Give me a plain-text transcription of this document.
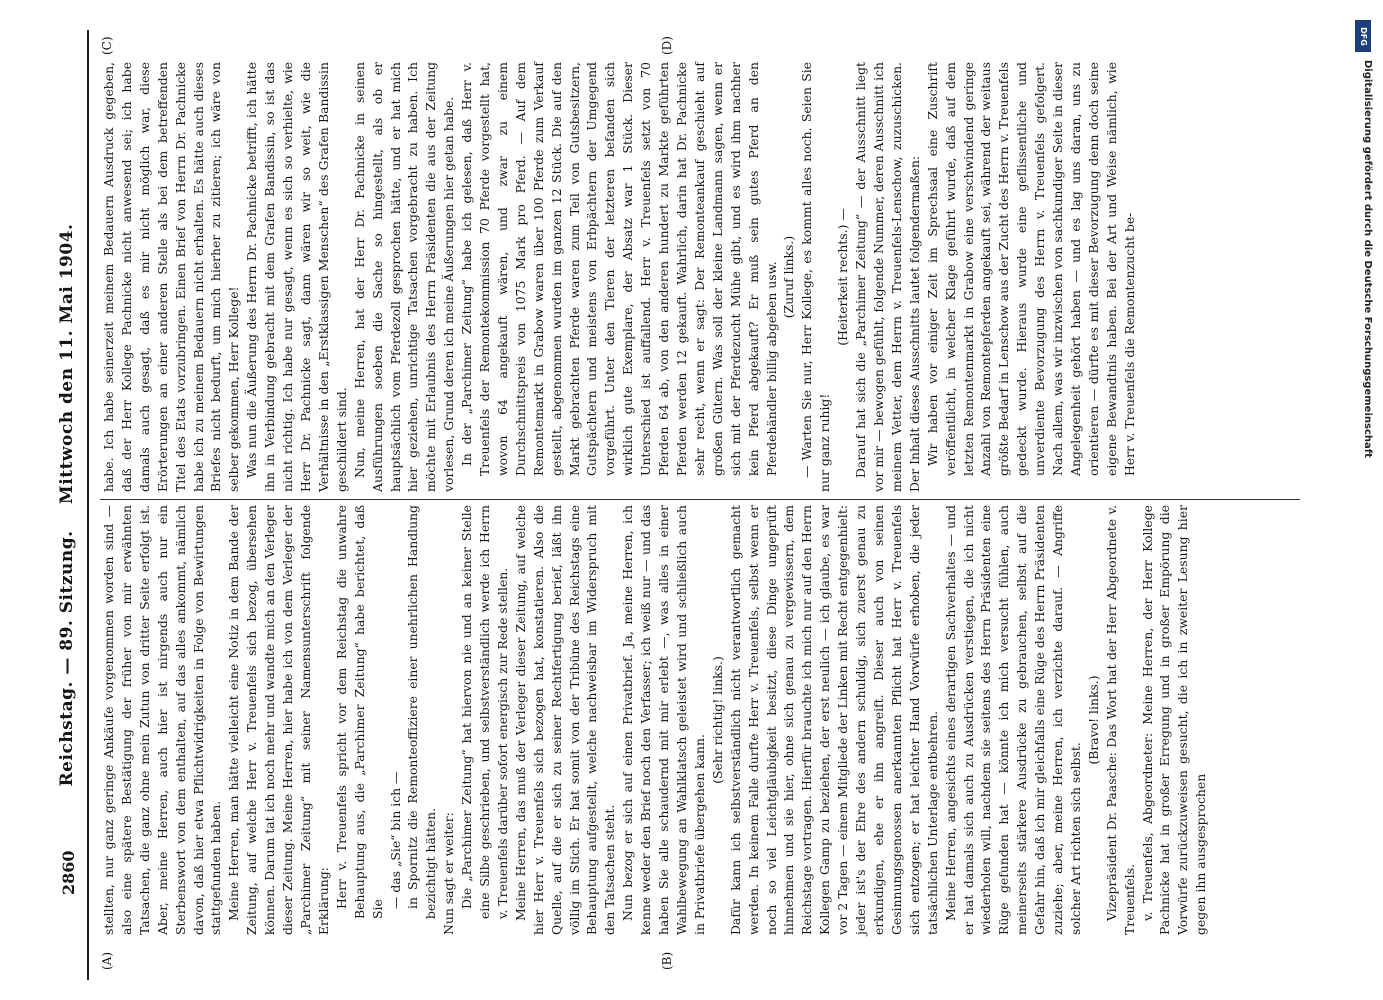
2860
Reichstag. — 89. Sitzung. Mittwoch den 11. Mai 1904.
(A)	(B)
(C)	(D)

stellten, nur ganz geringe Ankäufe vorgenommen worden sind — also eine spätere Bestätigung der früher von mir erwähnten Tatsachen, die ganz ohne mein Zutun von dritter Seite erfolgt ist. Aber, meine Herren, auch hier ist nirgends auch nur ein Sterbenswort von dem enthalten, auf das alles ankommt, nämlich davon, daß hier etwa Pflichtwidrigkeiten in Folge von Bewirtungen stattgefunden haben. Meine Herren, man hätte vielleicht eine Notiz in dem Bande der Zeitung, auf welche Herr v. Treuenfels sich bezog, übersehen können. Darum tat ich noch mehr und wandte mich an den Verleger dieser Zeitung. Meine Herren, hier habe ich von dem Verleger der „Parchimer Zeitung“ mit seiner Namensunterschrift folgende Erklärung: Herr v. Treuenfels spricht vor dem Reichstag die unwahre Behauptung aus, die „Parchimer Zeitung“ habe berichtet, daß Sie

— das „Sie“ bin ich — in Spornitz die Remonteoffiziere einer unehrlichen Handlung bezichtigt hätten. Nun sagt er weiter: Die „Parchimer Zeitung“ hat hiervon nie und an keiner Stelle eine Silbe geschrieben, und selbstverständlich werde ich Herrn v. Treuenfels darüber sofort energisch zur Rede stellen. Meine Herren, das muß der Verleger dieser Zeitung, auf welche hier Herr v. Treuenfels sich bezogen hat, konstatieren. Also die Quelle, auf die er sich zu seiner Rechtfertigung berief, läßt ihn völlig im Stich. Er hat somit von der Tribüne des Reichstags eine Behauptung aufgestellt, welche nachweisbar im Widerspruch mit den Tatsachen steht. Nun bezog er sich auf einen Privatbrief. Ja, meine Herren, ich kenne weder den Brief noch den Verfasser; ich weiß nur — und das haben Sie alle schaudernd mit mir erlebt —, was alles in einer Wahlbewegung an Wahlklatsch geleistet wird und schließlich auch in Privatbriefe übergehen kann.

(Sehr richtig! links.) Dafür kann ich selbstverständlich nicht verantwortlich gemacht werden. In keinem Falle durfte Herr v. Treuenfels, selbst wenn er noch so viel Leichtgläubigkeit besitzt, diese Dinge ungeprüft hinnehmen und sie hier, ohne sich genau zu vergewissern, dem Reichstage vortragen. Hierfür brauchte ich mich nur auf den Herrn Kollegen Gamp zu beziehen, der erst neulich — ich glaube, es war vor 2 Tagen — einem Mitgliede der Linken mit Recht entgegenhielt: jeder ist's der Ehre des andern schuldig, sich zuerst genau zu erkundigen, ehe er ihn angreift. Dieser auch von seinen Gesinnungsgenossen anerkannten Pflicht hat Herr v. Treuenfels sich entzogen; er hat leichter Hand Vorwürfe erhoben, die jeder tatsächlichen Unterlage entbehren. Meine Herren, angesichts eines derartigen Sachverhaltes — und er hat damals sich auch zu Ausdrücken verstiegen, die ich nicht wiederholen will, nachdem sie seitens des Herrn Präsidenten eine Rüge gefunden hat — könnte ich mich versucht fühlen, auch meinerseits stärkere Ausdrücke zu gebrauchen, selbst auf die Gefahr hin, daß ich mir gleichfalls eine Rüge des Herrn Präsidenten zuziehe; aber, meine Herren, ich verzichte darauf. — Angriffe solcher Art richten sich selbst.

(Bravo! links.) Vizepräsident Dr. Paasche: Das Wort hat der Herr Abgeordnete v. Treuenfels. v. Treuenfels, Abgeordneter: Meine Herren, der Herr Kollege Pachnicke hat in großer Erregung und in großer Empörung die Vorwürfe zurückzuweisen gesucht, die ich in zweiter Lesung hier gegen ihn ausgesprochen

habe. Ich habe seinerzeit meinem Bedauern Ausdruck gegeben, daß der Herr Kollege Pachnicke nicht anwesend sei; ich habe damals auch gesagt, daß es mir nicht möglich war, diese Erörterungen an einer anderen Stelle als bei dem betreffenden Titel des Etats vorzubringen. Einen Brief von Herrn Dr. Pachnicke habe ich zu meinem Bedauern nicht erhalten. Es hätte auch dieses Briefes nicht bedurft, um mich hierher zu zitieren; ich wäre von selber gekommen, Herr Kollege! Was nun die Äußerung des Herrn Dr. Pachnicke betrifft, ich hätte ihn in Verbindung gebracht mit dem Grafen Bandissin, so ist das nicht richtig. Ich habe nur gesagt, wenn es sich so verhielte, wie Herr Dr. Pachnicke sagt, dann wären wir so weit, wie die Verhältnisse in den „Erstklassigen Menschen“ des Grafen Bandissin geschildert sind. Nun, meine Herren, hat der Herr Dr. Pachnicke in seinen Ausführungen soeben die Sache so hingestellt, als ob er hauptsächlich vom Pferdezoll gesprochen hätte, und er hat mich hier geziehen, unrichtige Tatsachen vorgebracht zu haben. Ich möchte mit Erlaubnis des Herrn Präsidenten die aus der Zeitung vorlesen, Grund deren ich meine Äußerungen hier getan habe. In der „Parchimer Zeitung“ habe ich gelesen, daß Herr v. Treuenfels der Remontekommission 70 Pferde vorgestellt hat, wovon 64 angekauft wären, und zwar zu einem Durchschnittspreis von 1075 Mark pro Pferd. — Auf dem Remontemarkt in Grabow waren über 100 Pferde zum Verkauf gestellt, abgenommen wurden im ganzen 12 Stück. Die auf den Markt gebrachten Pferde waren zum Teil von Gutsbesitzern, Gutspächtern und meistens von Erbpächtern der Umgegend vorgeführt. Unter den Tieren der letzteren befanden sich wirklich gute Exemplare, der Absatz war 1 Stück. Dieser Unterschied ist auffallend. Herr v. Treuenfels setzt von 70 Pferden 64 ab, von den anderen hundert zu Markte geführten Pferden werden 12 gekauft. Wahrlich, darin hat Dr. Pachnicke sehr recht, wenn er sagt: Der Remonteankauf geschieht auf großen Gütern. Was soll der kleine Landmann sagen, wenn er sich mit der Pferdezucht Mühe gibt, und es wird ihm nachher kein Pferd abgekauft? Er muß sein gutes Pferd an den Pferdehändler billig abgeben usw. (Zuruf links.) — Warten Sie nur, Herr Kollege, es kommt alles noch. Seien Sie nur ganz ruhig!

(Heiterkeit rechts.) — Darauf hat sich die „Parchimer Zeitung“ — der Ausschnitt liegt vor mir — bewogen gefühlt, folgende Nummer, deren Ausschnitt ich meinem Vetter, dem Herrn v. Treuenfels-Lenschow, zuzuschicken. Der Inhalt dieses Ausschnitts lautet folgendermaßen: Wir haben vor einiger Zeit im Sprechsaal eine Zuschrift veröffentlicht, in welcher Klage geführt wurde, daß auf dem letzten Remontenmarkt in Grabow eine verschwindend geringe Anzahl von Remontepferden angekauft sei, während der weitaus größte Bedarf in Lenschow aus der Zucht des Herrn v. Treuenfels gedeckt wurde. Hieraus wurde eine geflissentliche und unverdiente Bevorzugung des Herrn v. Treuenfels gefolgert. Nach allem, was wir inzwischen von sachkundiger Seite in dieser Angelegenheit gehört haben — und es lag uns daran, uns zu orientieren — dürfte es mit dieser Bevorzugung denn doch seine eigene Bewandtnis haben. Bei der Art und Weise nämlich, wie Herr v. Treuenfels die Remontenzucht be-

DFG
Digitalisierung gefördert durch die Deutsche Forschungsgemeinschaft
